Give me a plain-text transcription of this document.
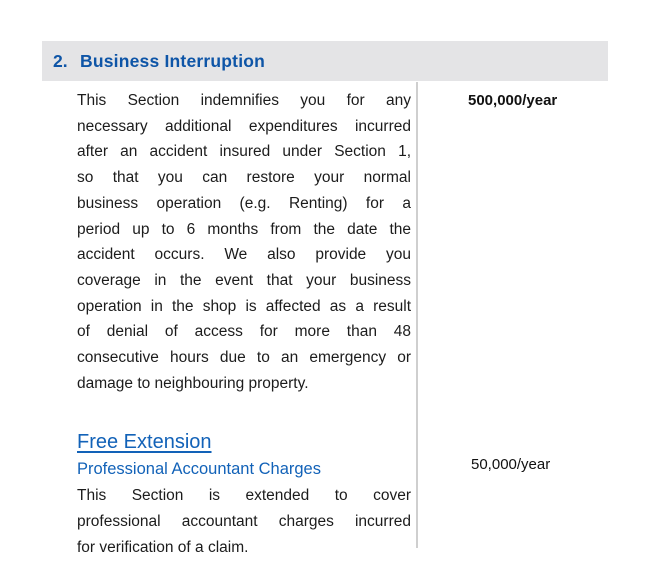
2. Business Interruption
This Section indemnifies you for any
necessary additional expenditures incurred
after an accident insured under Section 1,
so that you can restore your normal
business operation (e.g. Renting) for a
period up to 6 months from the date the
accident occurs. We also provide you
coverage in the event that your business
operation in the shop is affected as a result
of denial of access for more than 48
consecutive hours due to an emergency or
damage to neighbouring property.
Free Extension
Professional Accountant Charges
This Section is extended to cover
professional accountant charges incurred
for verification of a claim.
500,000/year
50,000/year
